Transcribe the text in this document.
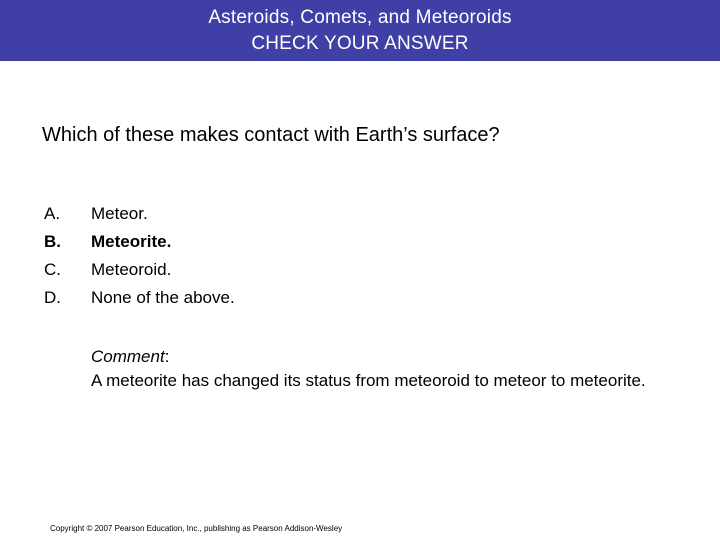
Asteroids, Comets, and Meteoroids
CHECK YOUR ANSWER
Which of these makes contact with Earth’s surface?
A.	Meteor.
B.	Meteorite.
C.	Meteoroid.
D.	None of the above.
Comment:
A meteorite has changed its status from meteoroid to meteor to meteorite.
Copyright © 2007 Pearson Education, Inc., publishing as Pearson Addison-Wesley
